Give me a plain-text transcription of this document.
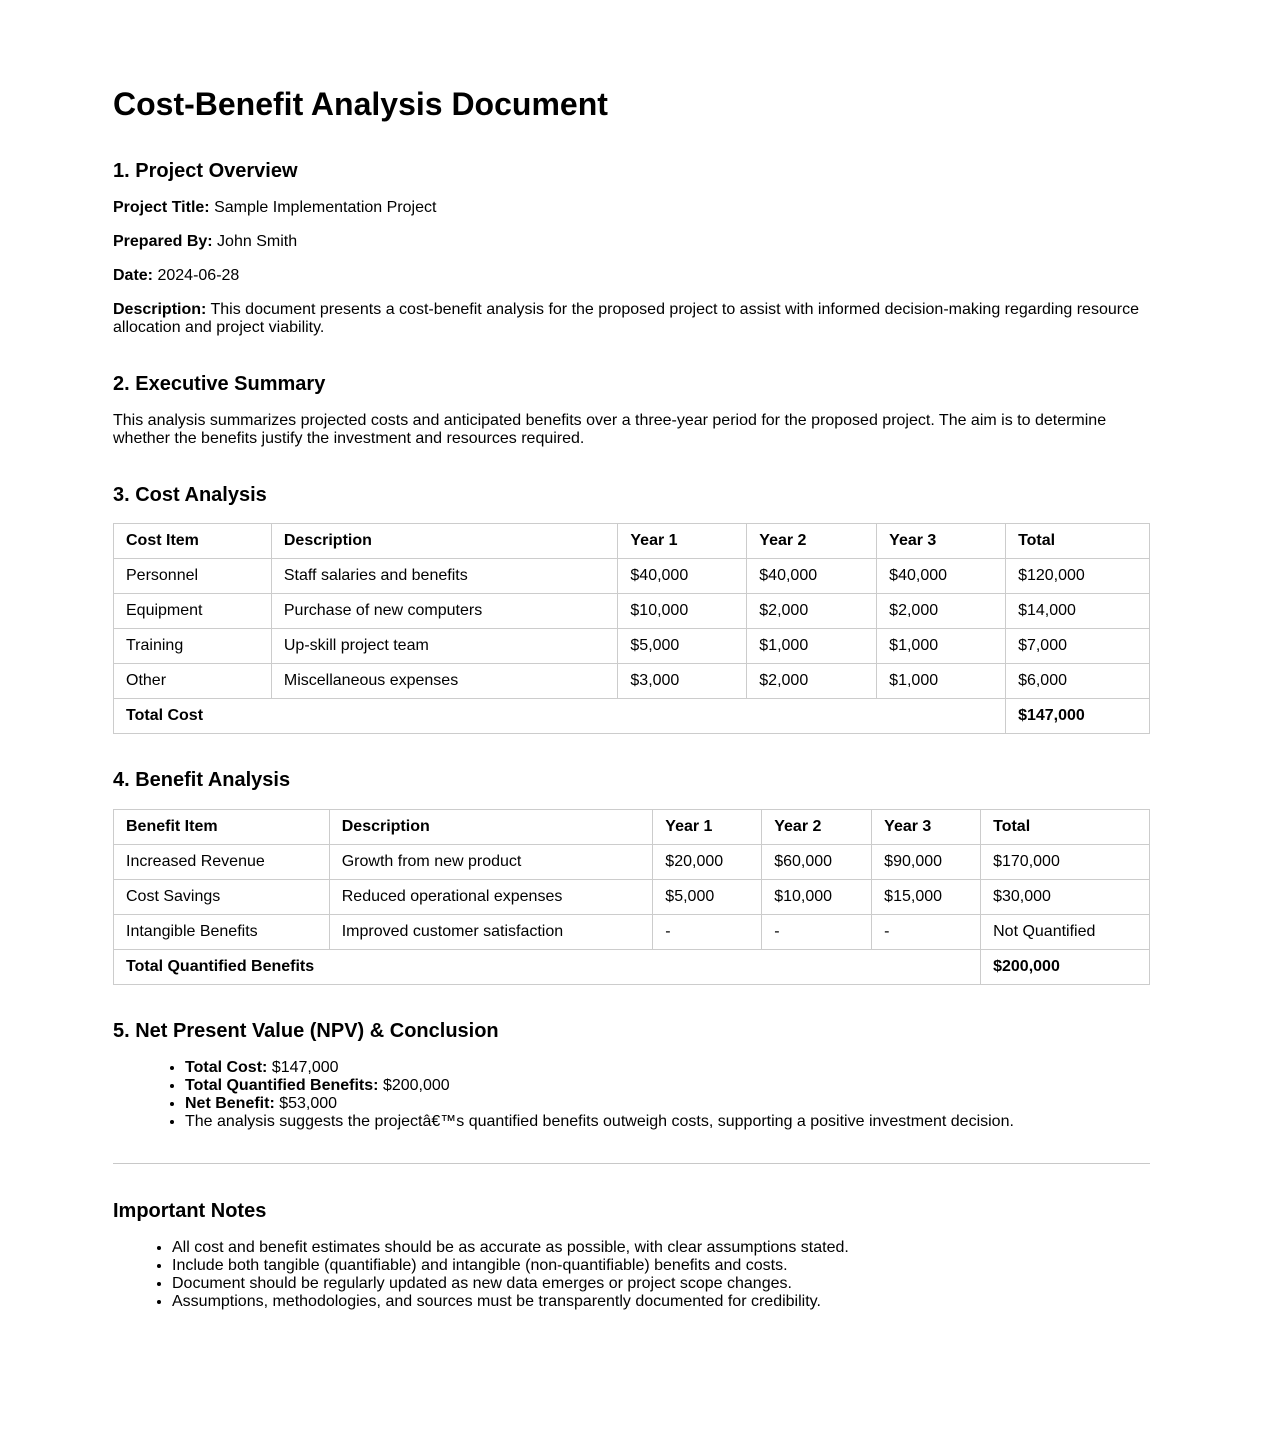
Cost-Benefit Analysis Document
1. Project Overview

Project Title: Sample Implementation Project

Prepared By: John Smith

Date: 2024-06-28

Description: This document presents a cost-benefit analysis for the proposed project to assist with informed decision-making regarding resource allocation and project viability.

2. Executive Summary

This analysis summarizes projected costs and anticipated benefits over a three-year period for the proposed project. The aim is to determine whether the benefits justify the investment and resources required.

3. Cost Analysis
Cost Item	Description	Year 1	Year 2	Year 3	Total
Personnel	Staff salaries and benefits	$40,000	$40,000	$40,000	$120,000
Equipment	Purchase of new computers	$10,000	$2,000	$2,000	$14,000
Training	Up-skill project team	$5,000	$1,000	$1,000	$7,000
Other	Miscellaneous expenses	$3,000	$2,000	$1,000	$6,000
Total Cost					$147,000
4. Benefit Analysis
Benefit Item	Description	Year 1	Year 2	Year 3	Total
Increased Revenue	Growth from new product	$20,000	$60,000	$90,000	$170,000
Cost Savings	Reduced operational expenses	$5,000	$10,000	$15,000	$30,000
Intangible Benefits	Improved customer satisfaction	-	-	-	Not Quantified
Total Quantified Benefits					$200,000
5. Net Present Value (NPV) & Conclusion
• Total Cost: $147,000
• Total Quantified Benefits: $200,000
• Net Benefit: $53,000
• The analysis suggests the projectâ€™s quantified benefits outweigh costs, supporting a positive investment decision.
Important Notes
• All cost and benefit estimates should be as accurate as possible, with clear assumptions stated.
• Include both tangible (quantifiable) and intangible (non-quantifiable) benefits and costs.
• Document should be regularly updated as new data emerges or project scope changes.
• Assumptions, methodologies, and sources must be transparently documented for credibility.
